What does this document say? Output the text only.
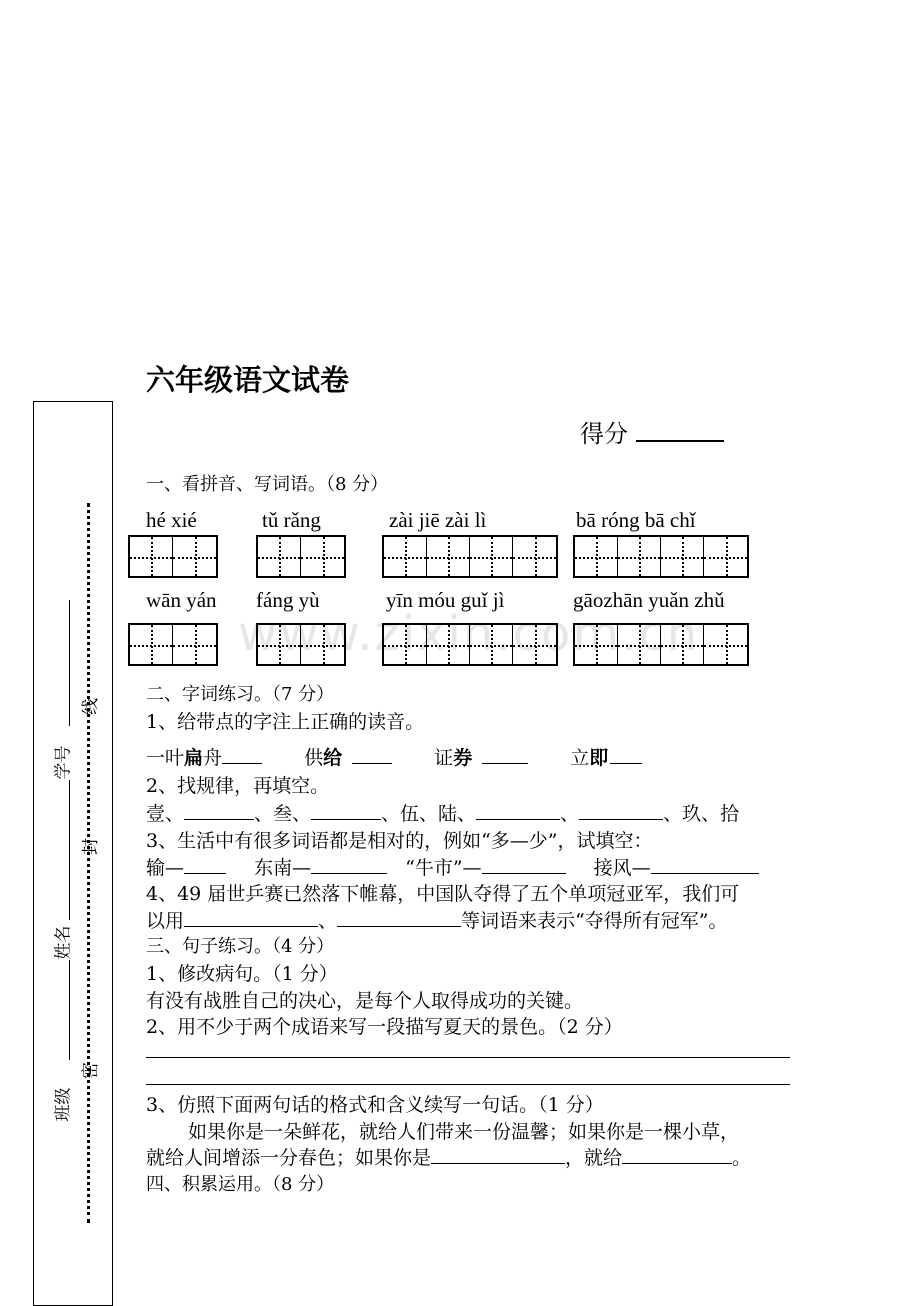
线
封
密
学号
姓名
班级
www.zixin.com.cn
六年级语文试卷
得分
一、看拼音、写词语。（8 分）
hé xié	tǔ rǎng	zài jiē zài lì	bā róng bā chǐ
wān yán fáng yù	yīn móu guǐ jì	gāozhān yuǎn zhǔ
二、字词练习。（7 分）
1、给带点的字注上正确的读音。
一叶扁舟	供给	证券	立即
2、找规律，再填空。
壹、	、叁、	、伍、陆、	、	、玖、拾
3、生活中有很多词语都是相对的，例如“多—少”，试填空：
输—	东南—	“牛市”—	接风—
4、49 届世乒赛已然落下帷幕，中国队夺得了五个单项冠亚军，我们可
以用	、	等词语来表示“夺得所有冠军”。
三、句子练习。（4 分）
1、修改病句。（1 分）
有没有战胜自己的决心，是每个人取得成功的关键。
2、用不少于两个成语来写一段描写夏天的景色。（2 分）
3、仿照下面两句话的格式和含义续写一句话。（1 分）
如果你是一朵鲜花，就给人们带来一份温馨；如果你是一棵小草，
就给人间增添一分春色；如果你是	，就给	。
四、积累运用。（8 分）
